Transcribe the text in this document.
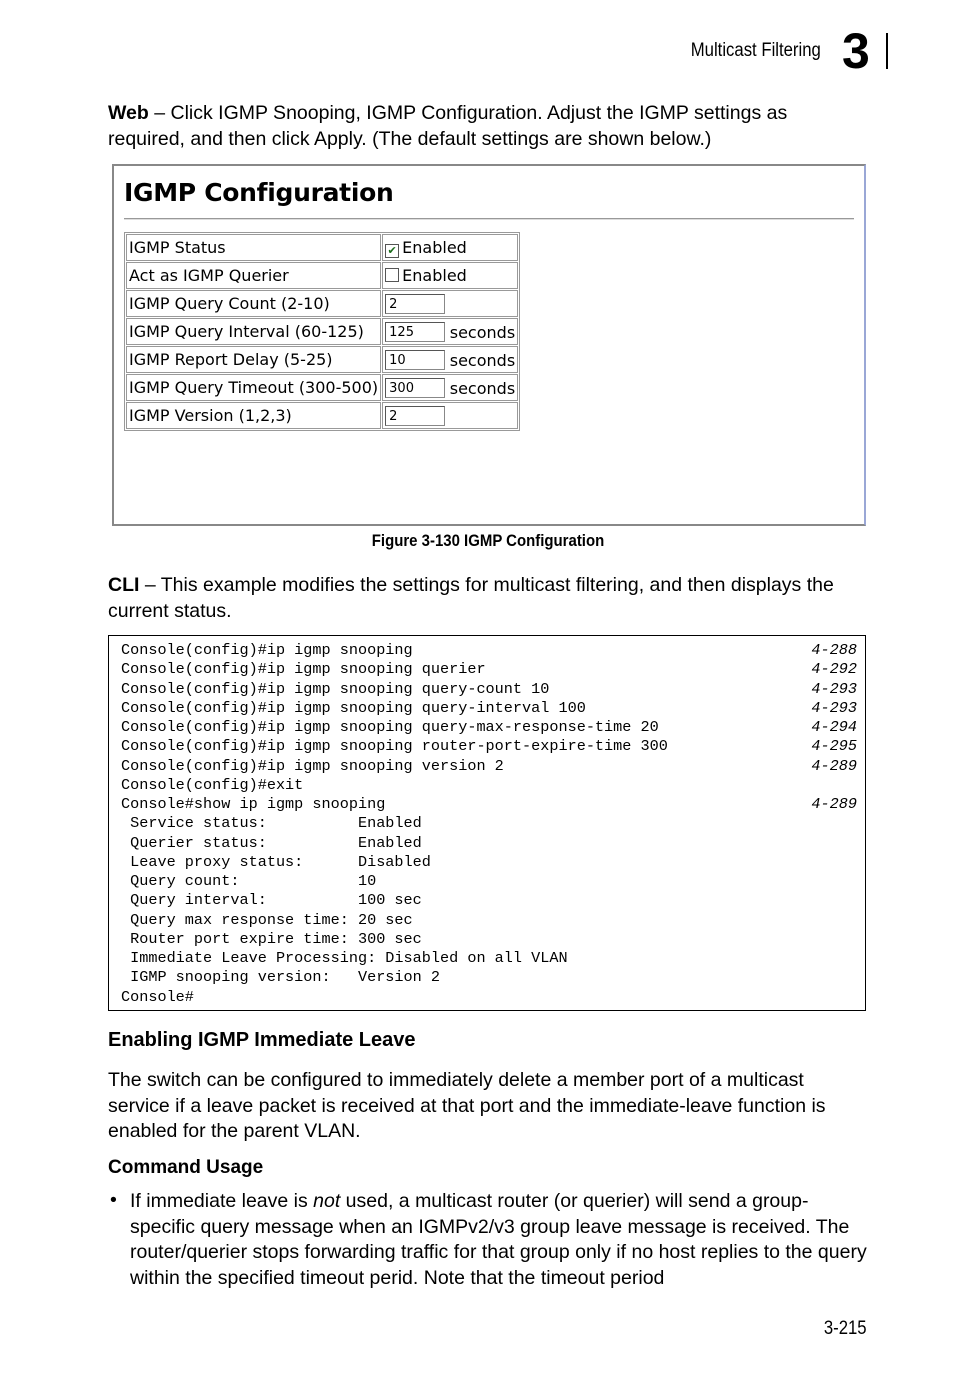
Multicast Filtering 3

Web – Click IGMP Snooping, IGMP Configuration. Adjust the IGMP settings as required, and then click Apply. (The default settings are shown below.)

IGMP Configuration
IGMP Status	✔ Enabled
Act as IGMP Querier	Enabled
IGMP Query Count (2-10)	2
IGMP Query Interval (60-125)	125 seconds

IGMP Report Delay (5-25)	10 seconds

IGMP Query Timeout (300-500)	300 seconds

IGMP Version (1,2,3)	2
Figure 3-130 IGMP Configuration

CLI – This example modifies the settings for multicast filtering, and then displays the current status.

Console(config)#ip igmp snooping	4-288
Console(config)#ip igmp snooping querier	4-292
Console(config)#ip igmp snooping query-count 10	4-293
Console(config)#ip igmp snooping query-interval 100	4-293
Console(config)#ip igmp snooping query-max-response-time 20	4-294
Console(config)#ip igmp snooping router-port-expire-time 300	4-295
Console(config)#ip igmp snooping version 2	4-289
Console(config)#exit
Console#show ip igmp snooping	4-289
Service status:          Enabled
Querier status:          Enabled
Leave proxy status:      Disabled
Query count:             10
Query interval:          100 sec
Query max response time: 20 sec
Router port expire time: 300 sec
Immediate Leave Processing: Disabled on all VLAN
IGMP snooping version:   Version 2
Console#
Enabling IGMP Immediate Leave

The switch can be configured to immediately delete a member port of a multicast service if a leave packet is received at that port and the immediate-leave function is enabled for the parent VLAN.

Command Usage
• If immediate leave is not used, a multicast router (or querier) will send a group-specific query message when an IGMPv2/v3 group leave message is received. The router/querier stops forwarding traffic for that group only if no host replies to the query within the specified timeout perid. Note that the timeout period
3-215
